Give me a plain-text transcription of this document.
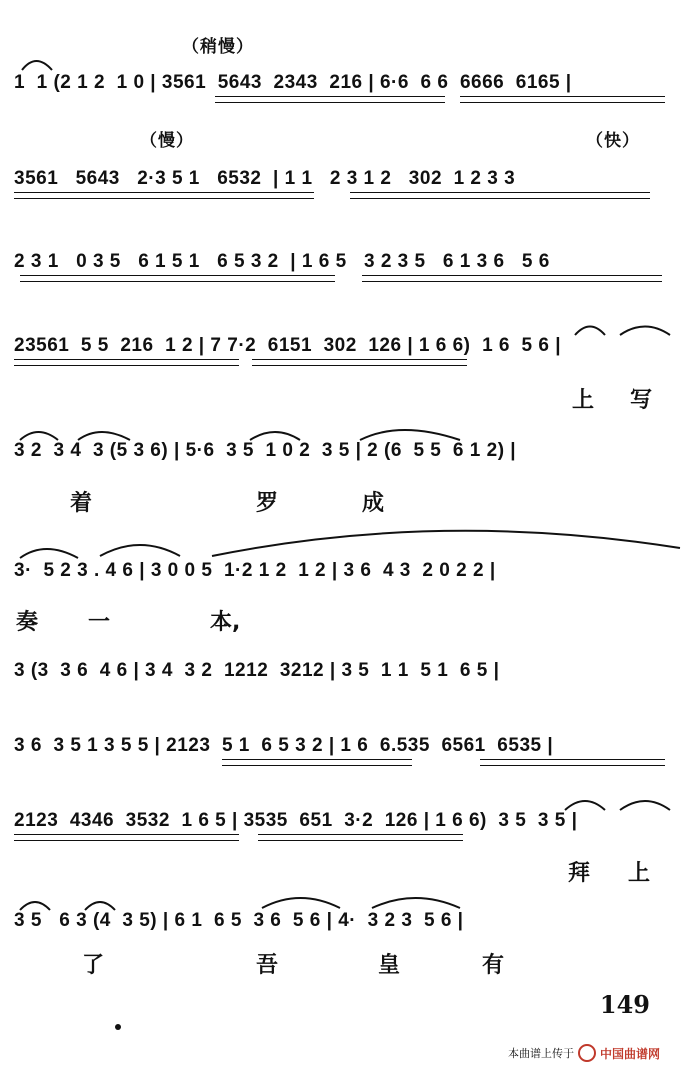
（稍慢）
（慢）	（快）
1  1 (2 1 2  1 0 | 3561  5643  2343  216 | 6·6  6 6  6666  6165 |
3561   5643   2·3 5 1   6532  | 1 1   2 3 1 2   302  1 2 3 3
2 3 1   0 3 5   6 1 5 1   6 5 3 2  | 1 6 5   3 2 3 5   6 1 3 6   5 6
23561  5 5  216  1 2 | 7 7·2  6151  302  126 | 1 6 6)  1 6  5 6 |
3 2  3 4  3 (5 3 6) | 5·6  3 5  1 0 2  3 5 | 2 (6  5 5  6 1 2) |
3·  5 2 3 . 4 6 | 3 0 0 5  1·2 1 2  1 2 | 3 6  4 3  2 0 2 2 |
3 (3  3 6  4 6 | 3 4  3 2  1212  3212 | 3 5  1 1  5 1  6 5 |
3 6  3 5 1 3 5 5 | 2123  5 1  6 5 3 2 | 1 6  6.535  6561  6535 |
2123  4346  3532  1 6 5 | 3535  651  3·2  126 | 1 6 6)  3 5  3 5 |
3 5   6 3 (4  3 5) | 6 1  6 5  3 6  5 6 | 4·  3 2 3  5 6 |
上 写
着	罗	成
奏 一	本,
拜 上
了	吾	皇	有
149
本曲谱上传于 中国曲谱网
